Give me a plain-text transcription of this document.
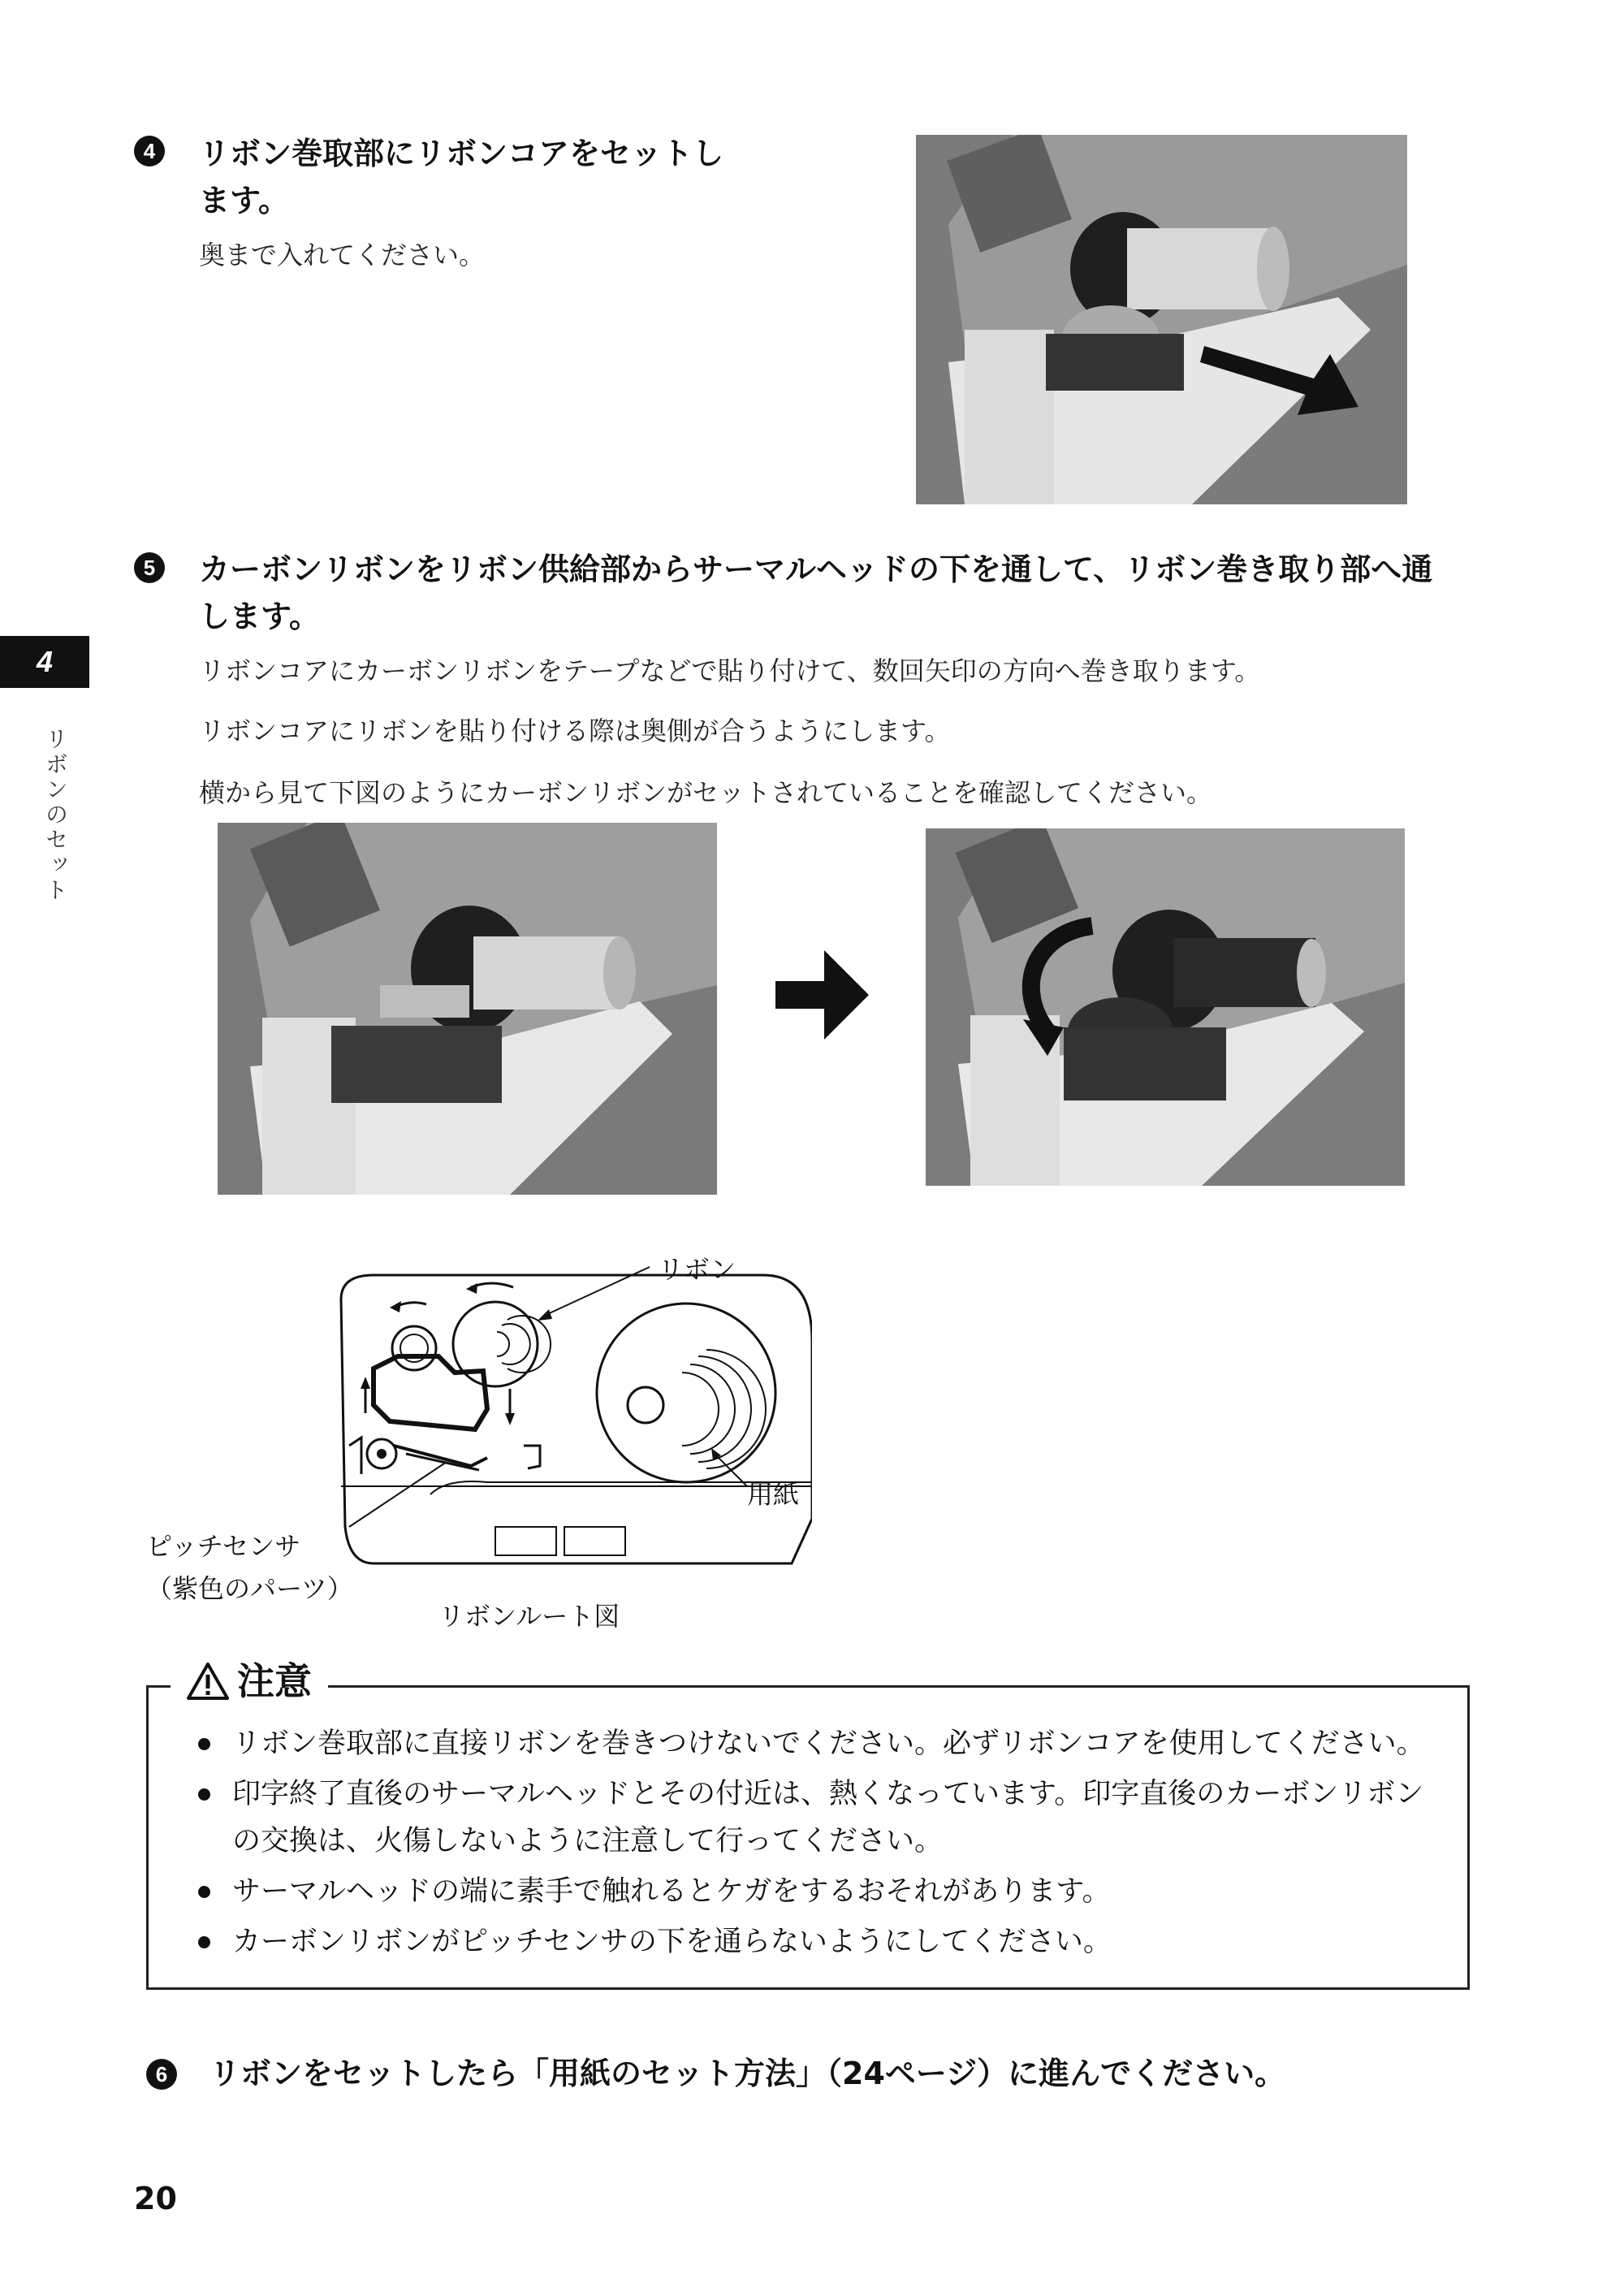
4
リボンのセット
4	リボン巻取部にリボンコアをセットし
ます。
奥まで入れてください。
5	カーボンリボンをリボン供給部からサーマルヘッドの下を通して、リボン巻き取り部へ通
します。
リボンコアにカーボンリボンをテープなどで貼り付けて、数回矢印の方向へ巻き取ります。
リボンコアにリボンを貼り付ける際は奥側が合うようにします。
横から見て下図のようにカーボンリボンがセットされていることを確認してください。
リボン
用紙
ピッチセンサ
（紫色のパーツ）
リボンルート図
注意
リボン巻取部に直接リボンを巻きつけないでください。必ずリボンコアを使用してください。
印字終了直後のサーマルヘッドとその付近は、熱くなっています。印字直後のカーボンリボン
の交換は、火傷しないように注意して行ってください。
サーマルヘッドの端に素手で触れるとケガをするおそれがあります。
カーボンリボンがピッチセンサの下を通らないようにしてください。
6	リボンをセットしたら「用紙のセット方法」（24ページ）に進んでください。
20
